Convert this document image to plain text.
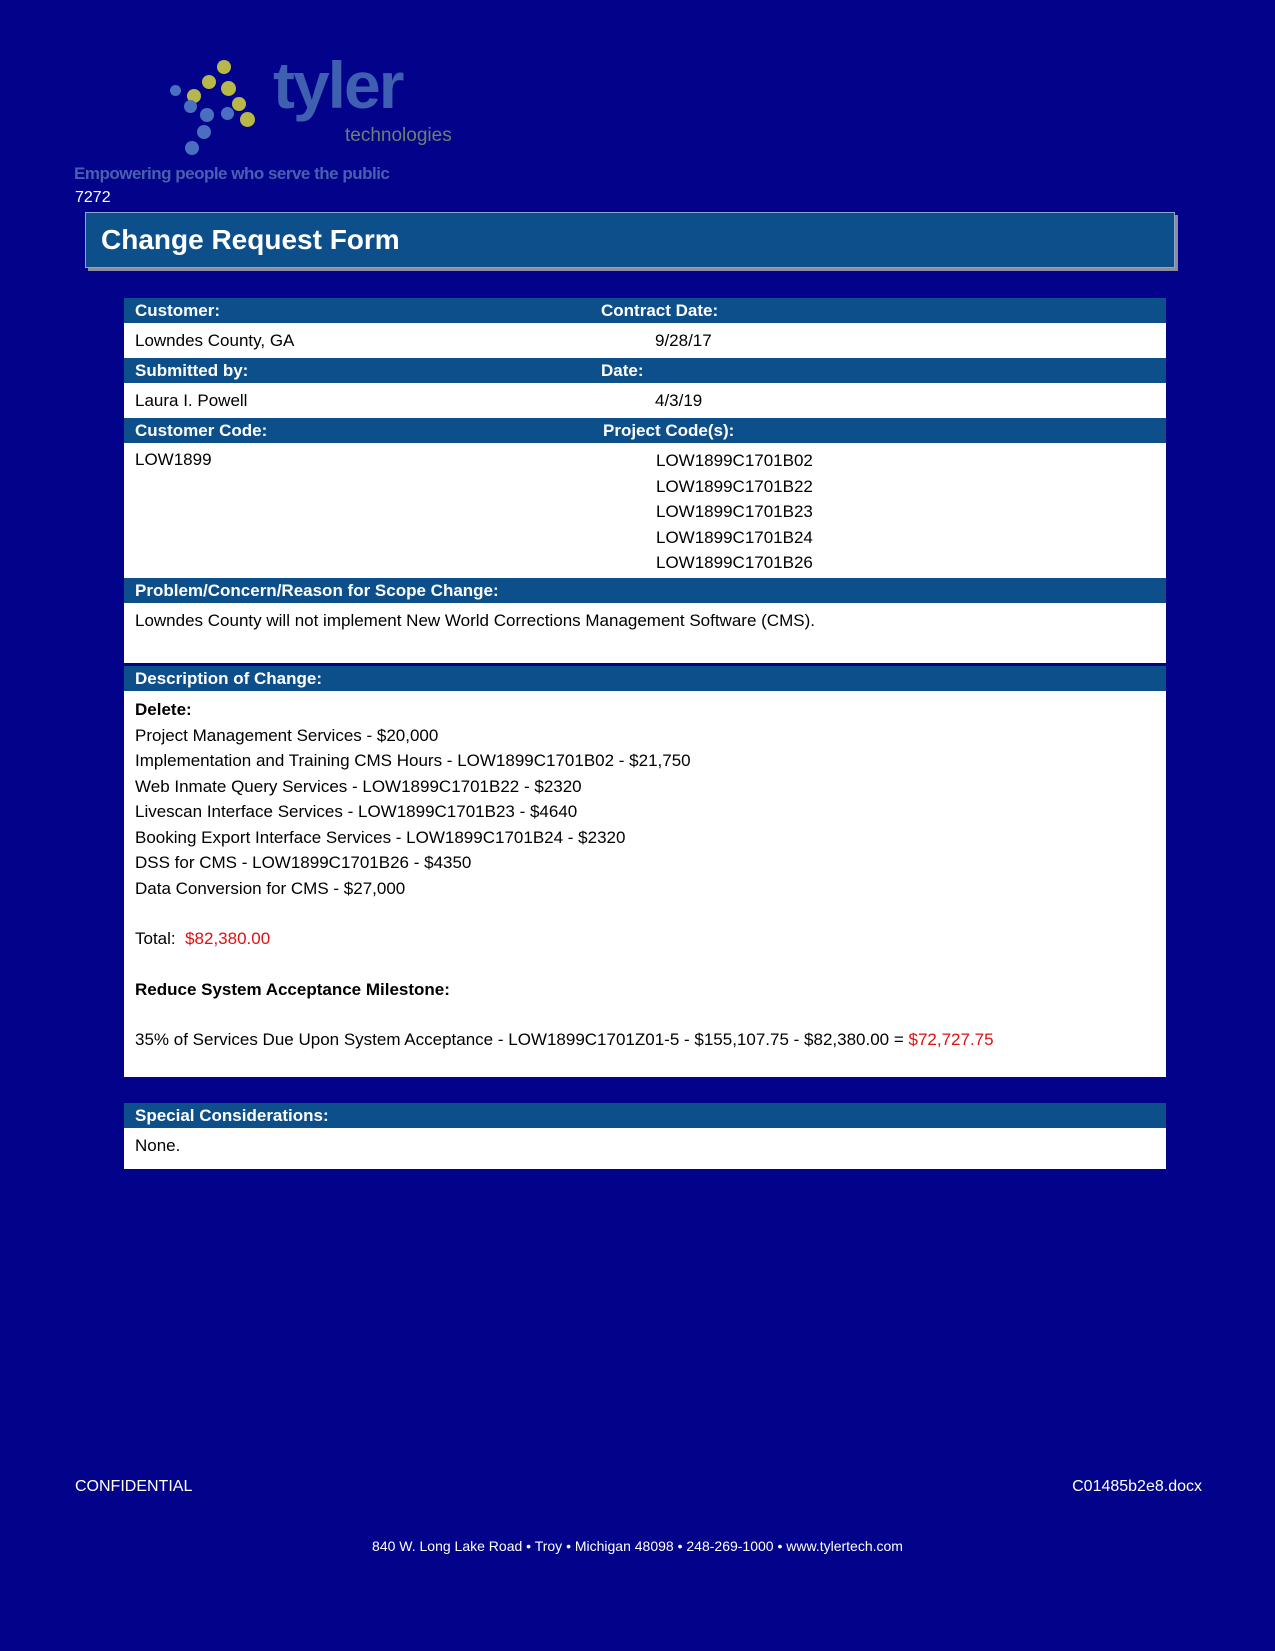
tyler
technologies
Empowering people who serve the public
7272
Change Request Form
Customer:	Contract Date:
Lowndes County, GA	9/28/17
Submitted by:	Date:
Laura I. Powell	4/3/19
Customer Code:	Project Code(s):
LOW1899	LOW1899C1701B02
LOW1899C1701B22
LOW1899C1701B23
LOW1899C1701B24
LOW1899C1701B26
Problem/Concern/Reason for Scope Change:
Lowndes County will not implement New World Corrections Management Software (CMS).
Description of Change:
Delete:
Project Management Services - $20,000
Implementation and Training CMS Hours - LOW1899C1701B02 - $21,750
Web Inmate Query Services - LOW1899C1701B22 - $2320
Livescan Interface Services - LOW1899C1701B23 - $4640
Booking Export Interface Services - LOW1899C1701B24 - $2320
DSS for CMS - LOW1899C1701B26 - $4350
Data Conversion for CMS - $27,000
Total: $82,380.00
Reduce System Acceptance Milestone:
35% of Services Due Upon System Acceptance - LOW1899C1701Z01-5 - $155,107.75 - $82,380.00 = $72,727.75
Special Considerations:
None.
CONFIDENTIAL	C01485b2e8.docx
840 W. Long Lake Road • Troy • Michigan 48098 • 248-269-1000 • www.tylertech.com
